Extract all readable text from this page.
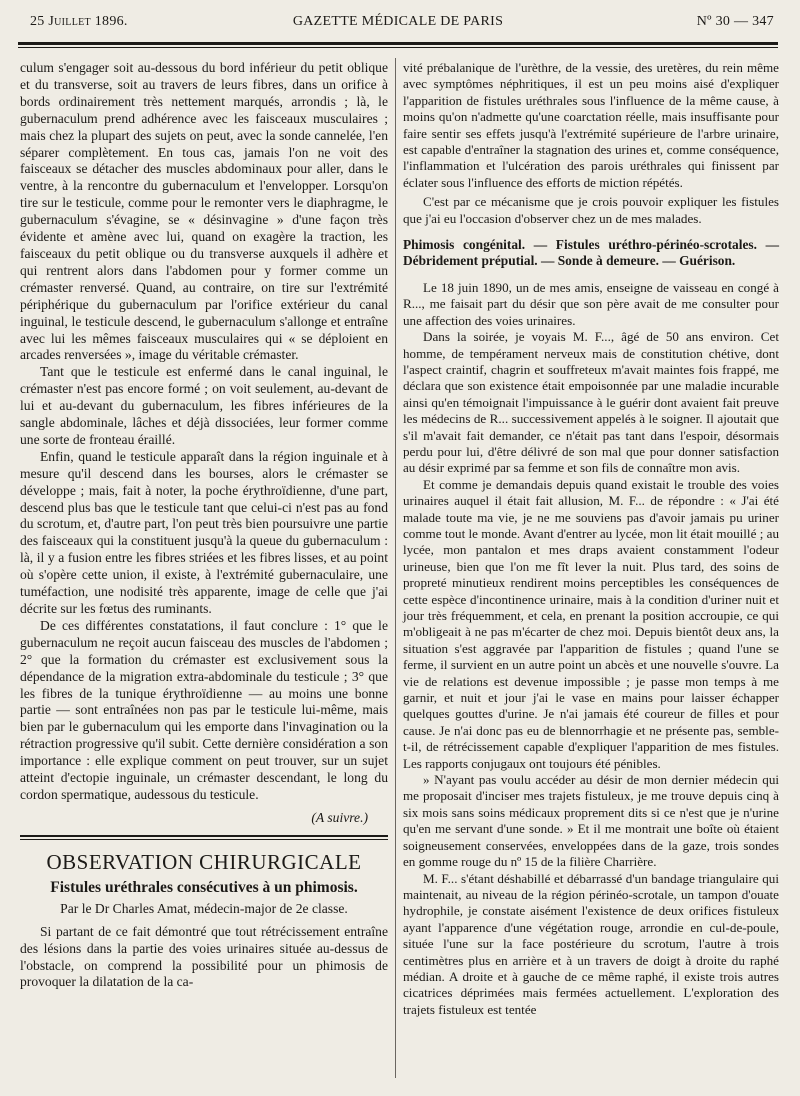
25 Juillet 1896.	GAZETTE MÉDICALE DE PARIS	Nº 30 — 347

culum s'engager soit au-dessous du bord inférieur du petit oblique et du transverse, soit au travers de leurs fibres, dans un orifice à bords ordinairement très nettement marqués, arrondis ; là, le gubernaculum prend adhérence avec les faisceaux musculaires ; mais chez la plupart des sujets on peut, avec la sonde cannelée, l'en séparer complètement. En tous cas, jamais l'on ne voit des faisceaux se détacher des muscles abdominaux pour aller, dans le ventre, à la rencontre du gubernaculum et l'envelopper. Lorsqu'on tire sur le testicule, comme pour le remonter vers le diaphragme, le gubernaculum s'évagine, se « désinvagine » d'une façon très évidente et amène avec lui, quand on exagère la traction, les faisceaux du petit oblique ou du transverse auxquels il adhère et qui rentrent alors dans l'abdomen pour y former comme un crémaster renversé. Quand, au contraire, on tire sur l'extrémité périphérique du gubernaculum par l'orifice extérieur du canal inguinal, le testicule descend, le gubernaculum s'allonge et entraîne avec lui les mêmes faisceaux musculaires qui « se déploient en arcades renversées », image du véritable crémaster.

Tant que le testicule est enfermé dans le canal inguinal, le crémaster n'est pas encore formé ; on voit seulement, au-devant de lui et au-devant du gubernaculum, les fibres inférieures de la sangle abdominale, lâches et déjà dissociées, leur former comme une sorte de fronteau éraillé.

Enfin, quand le testicule apparaît dans la région inguinale et à mesure qu'il descend dans les bourses, alors le crémaster se développe ; mais, fait à noter, la poche érythroïdienne, d'une part, descend plus bas que le testicule tant que celui-ci n'est pas au fond du scrotum, et, d'autre part, l'on peut très bien poursuivre une partie des faisceaux qui la constituent jusqu'à la queue du gubernaculum : là, il y a fusion entre les fibres striées et les fibres lisses, et au point où s'opère cette union, il existe, à l'extrémité gubernaculaire, une tuméfaction, une nodisité très apparente, image de celle que j'ai décrite sur les fœtus des ruminants.

De ces différentes constatations, il faut conclure : 1° que le gubernaculum ne reçoit aucun faisceau des muscles de l'abdomen ; 2° que la formation du crémaster est exclusivement sous la dépendance de la migration extra-abdominale du testicule ; 3° que les fibres de la tunique érythroïdienne — au moins une bonne partie — sont entraînées non pas par le testicule lui-même, mais bien par le gubernaculum qui les emporte dans l'invagination ou la rétraction progressive qu'il subit. Cette dernière considération a son importance : elle explique comment on peut trouver, sur un sujet atteint d'ectopie inguinale, un crémaster descendant, le long du cordon spermatique, audessous du testicule.

(A suivre.)

OBSERVATION CHIRURGICALE

Fistules uréthrales consécutives à un phimosis.

Par le Dr Charles Amat, médecin-major de 2e classe.

Si partant de ce fait démontré que tout rétrécissement entraîne des lésions dans la partie des voies urinaires située au-dessus de l'obstacle, on comprend la possibilité pour un phimosis de provoquer la dilatation de la ca-

vité prébalanique de l'urèthre, de la vessie, des uretères, du rein même avec symptômes néphritiques, il est un peu moins aisé d'expliquer l'apparition de fistules uréthrales sous l'influence de la même cause, à moins qu'on n'admette qu'une coarctation réelle, mais insuffisante pour faire sentir ses effets jusqu'à l'extrémité supérieure de l'arbre urinaire, est capable d'entraîner la stagnation des urines et, comme conséquence, l'inflammation et l'ulcération des parois uréthrales qui finissent par éclater sous l'influence des efforts de miction répétés.

C'est par ce mécanisme que je crois pouvoir expliquer les fistules que j'ai eu l'occasion d'observer chez un de mes malades.

Phimosis congénital. — Fistules uréthro-périnéo-scrotales. — Débridement préputial. — Sonde à demeure. — Guérison.

Le 18 juin 1890, un de mes amis, enseigne de vaisseau en congé à R..., me faisait part du désir que son père avait de me consulter pour une affection des voies urinaires.

Dans la soirée, je voyais M. F..., âgé de 50 ans environ. Cet homme, de tempérament nerveux mais de constitution chétive, dont l'aspect craintif, chagrin et souffreteux m'avait maintes fois frappé, me déclara que son existence était empoisonnée par une maladie incurable ainsi qu'en témoignait l'impuissance à le guérir dont avaient fait preuve les médecins de R... successivement appelés à le soigner. Il ajoutait que s'il m'avait fait demander, ce n'était pas tant dans l'espoir, désormais perdu pour lui, d'être délivré de son mal que pour donner satisfaction au désir exprimé par sa femme et son fils de connaître mon avis.

Et comme je demandais depuis quand existait le trouble des voies urinaires auquel il était fait allusion, M. F... de répondre : « J'ai été malade toute ma vie, je ne me souviens pas d'avoir jamais pu uriner comme tout le monde. Avant d'entrer au lycée, mon lit était mouillé ; au lycée, mon pantalon et mes draps avaient constamment l'odeur urineuse, bien que l'on me fît lever la nuit. Plus tard, des soins de propreté minutieux rendirent moins perceptibles les conséquences de cette espèce d'incontinence urinaire, mais à la condition d'uriner nuit et jour très fréquemment, et cela, en prenant la position accroupie, ce qui m'obligeait à ne pas m'écarter de chez moi. Depuis bientôt deux ans, la situation s'est aggravée par l'apparition de fistules ; quand l'une se ferme, il survient en un autre point un abcès et une nouvelle s'ouvre. La vie de relations est devenue impossible ; je passe mon temps à me garnir, et nuit et jour j'ai le vase en mains pour laisser échapper quelques gouttes d'urine. Je n'ai jamais été coureur de filles et pour cause. Je n'ai donc pas eu de blennorrhagie et ne présente pas, semble-t-il, de rétrécissement capable d'expliquer l'apparition de mes fistules. Les rapports conjugaux ont toujours été pénibles.

» N'ayant pas voulu accéder au désir de mon dernier médecin qui me proposait d'inciser mes trajets fistuleux, je me trouve depuis cinq à six mois sans soins médicaux proprement dits si ce n'est que je n'urine qu'en me servant d'une sonde. » Et il me montrait une boîte où étaient soigneusement conservées, enveloppées dans de la gaze, trois sondes en gomme rouge du nº 15 de la filière Charrière.

M. F... s'étant déshabillé et débarrassé d'un bandage triangulaire qui maintenait, au niveau de la région périnéo-scrotale, un tampon d'ouate hydrophile, je constate aisément l'existence de deux orifices fistuleux ayant l'apparence d'une végétation rouge, arrondie en cul-de-poule, située l'une sur la face postérieure du scrotum, l'autre à trois centimètres plus en arrière et à un travers de doigt à droite du raphé médian. A droite et à gauche de ce même raphé, il existe trois autres cicatrices déprimées mais fermées actuellement. L'exploration des trajets fistuleux est tentée
